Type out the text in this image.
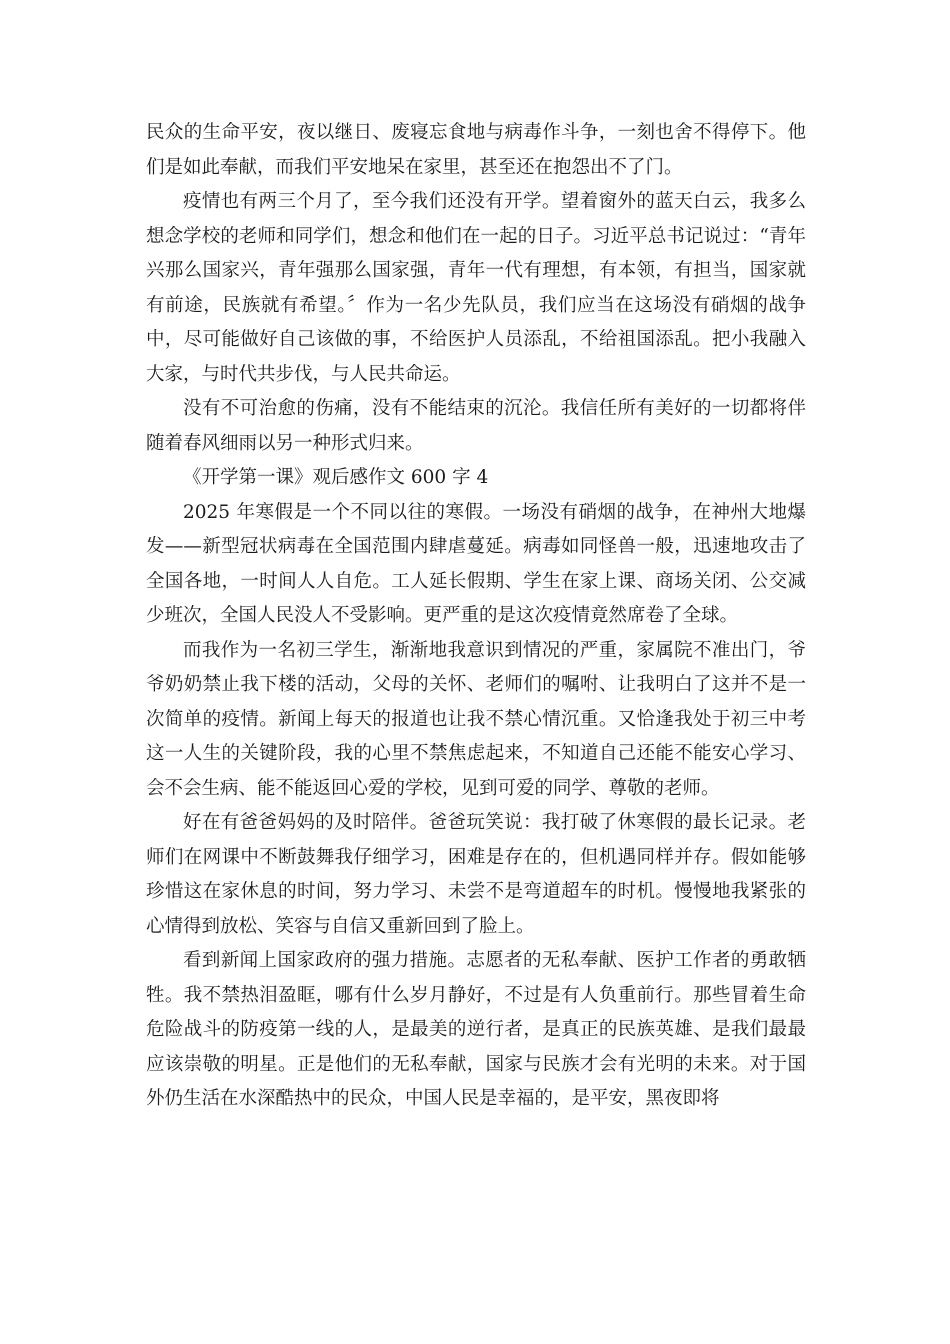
民众的生命平安，夜以继日、废寝忘食地与病毒作斗争，一刻也舍不得停下。他们是如此奉献，而我们平安地呆在家里，甚至还在抱怨出不了门。

疫情也有两三个月了，至今我们还没有开学。望着窗外的蓝天白云，我多么想念学校的老师和同学们，想念和他们在一起的日子。习近平总书记说过：“青年兴那么国家兴，青年强那么国家强，青年一代有理想，有本领，有担当，国家就有前途，民族就有希望。〞作为一名少先队员，我们应当在这场没有硝烟的战争中，尽可能做好自己该做的事，不给医护人员添乱，不给祖国添乱。把小我融入大家，与时代共步伐，与人民共命运。

没有不可治愈的伤痛，没有不能结束的沉沦。我信任所有美好的一切都将伴随着春风细雨以另一种形式归来。

《开学第一课》观后感作文 600 字 4

2025 年寒假是一个不同以往的寒假。一场没有硝烟的战争，在神州大地爆发——新型冠状病毒在全国范围内肆虐蔓延。病毒如同怪兽一般，迅速地攻击了全国各地，一时间人人自危。工人延长假期、学生在家上课、商场关闭、公交减少班次，全国人民没人不受影响。更严重的是这次疫情竟然席卷了全球。

而我作为一名初三学生，渐渐地我意识到情况的严重，家属院不准出门，爷爷奶奶禁止我下楼的活动，父母的关怀、老师们的嘱咐、让我明白了这并不是一次简单的疫情。新闻上每天的报道也让我不禁心情沉重。又恰逢我处于初三中考这一人生的关键阶段，我的心里不禁焦虑起来，不知道自己还能不能安心学习、会不会生病、能不能返回心爱的学校，见到可爱的同学、尊敬的老师。

好在有爸爸妈妈的及时陪伴。爸爸玩笑说：我打破了休寒假的最长记录。老师们在网课中不断鼓舞我仔细学习，困难是存在的，但机遇同样并存。假如能够珍惜这在家休息的时间，努力学习、未尝不是弯道超车的时机。慢慢地我紧张的心情得到放松、笑容与自信又重新回到了脸上。

看到新闻上国家政府的强力措施。志愿者的无私奉献、医护工作者的勇敢牺牲。我不禁热泪盈眶，哪有什么岁月静好，不过是有人负重前行。那些冒着生命危险战斗的防疫第一线的人，是最美的逆行者，是真正的民族英雄、是我们最最应该崇敬的明星。正是他们的无私奉献，国家与民族才会有光明的未来。对于国外仍生活在水深酷热中的民众，中国人民是幸福的，是平安，黑夜即将
